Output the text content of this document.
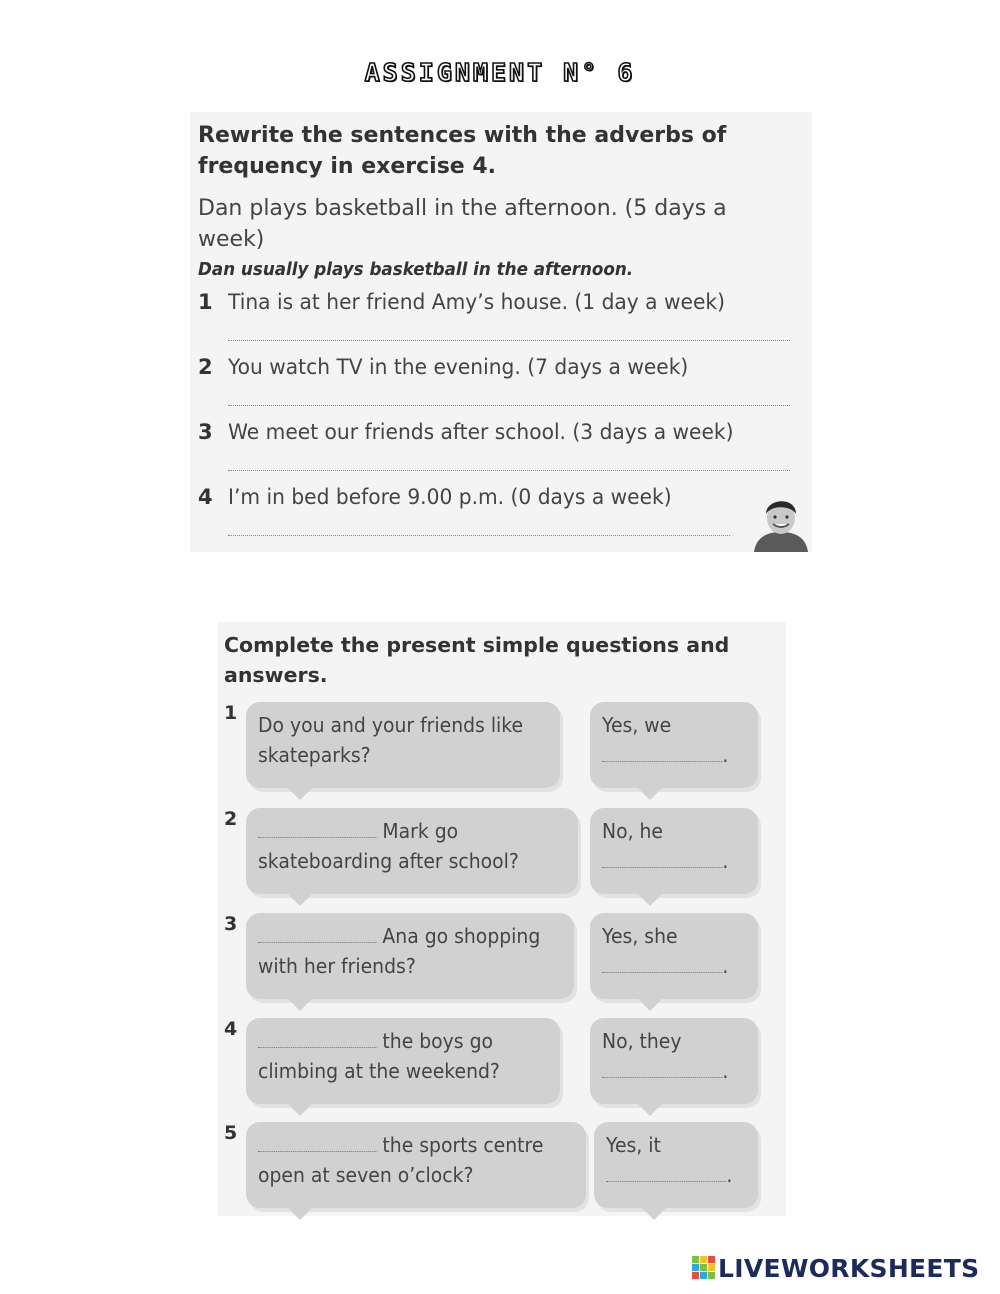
ASSIGNMENT N° 6
Rewrite the sentences with the adverbs of frequency in exercise 4.
Dan plays basketball in the afternoon. (5 days a week)
Dan usually plays basketball in the afternoon.
1 Tina is at her friend Amy’s house. (1 day a week)
2 You watch TV in the evening. (7 days a week)
3 We meet our friends after school. (3 days a week)
4 I’m in bed before 9.00 p.m. (0 days a week)
Complete the present simple questions and answers.
1 Do you and your friends like skateparks?
Yes, we
.
2	Mark go skateboarding after school?
No, he
.
3	Ana go shopping with her friends?
Yes, she
.
4	the boys go climbing at the weekend?
No, they
.
5	the sports centre open at seven o’clock?
Yes, it
.
LIVEWORKSHEETS
